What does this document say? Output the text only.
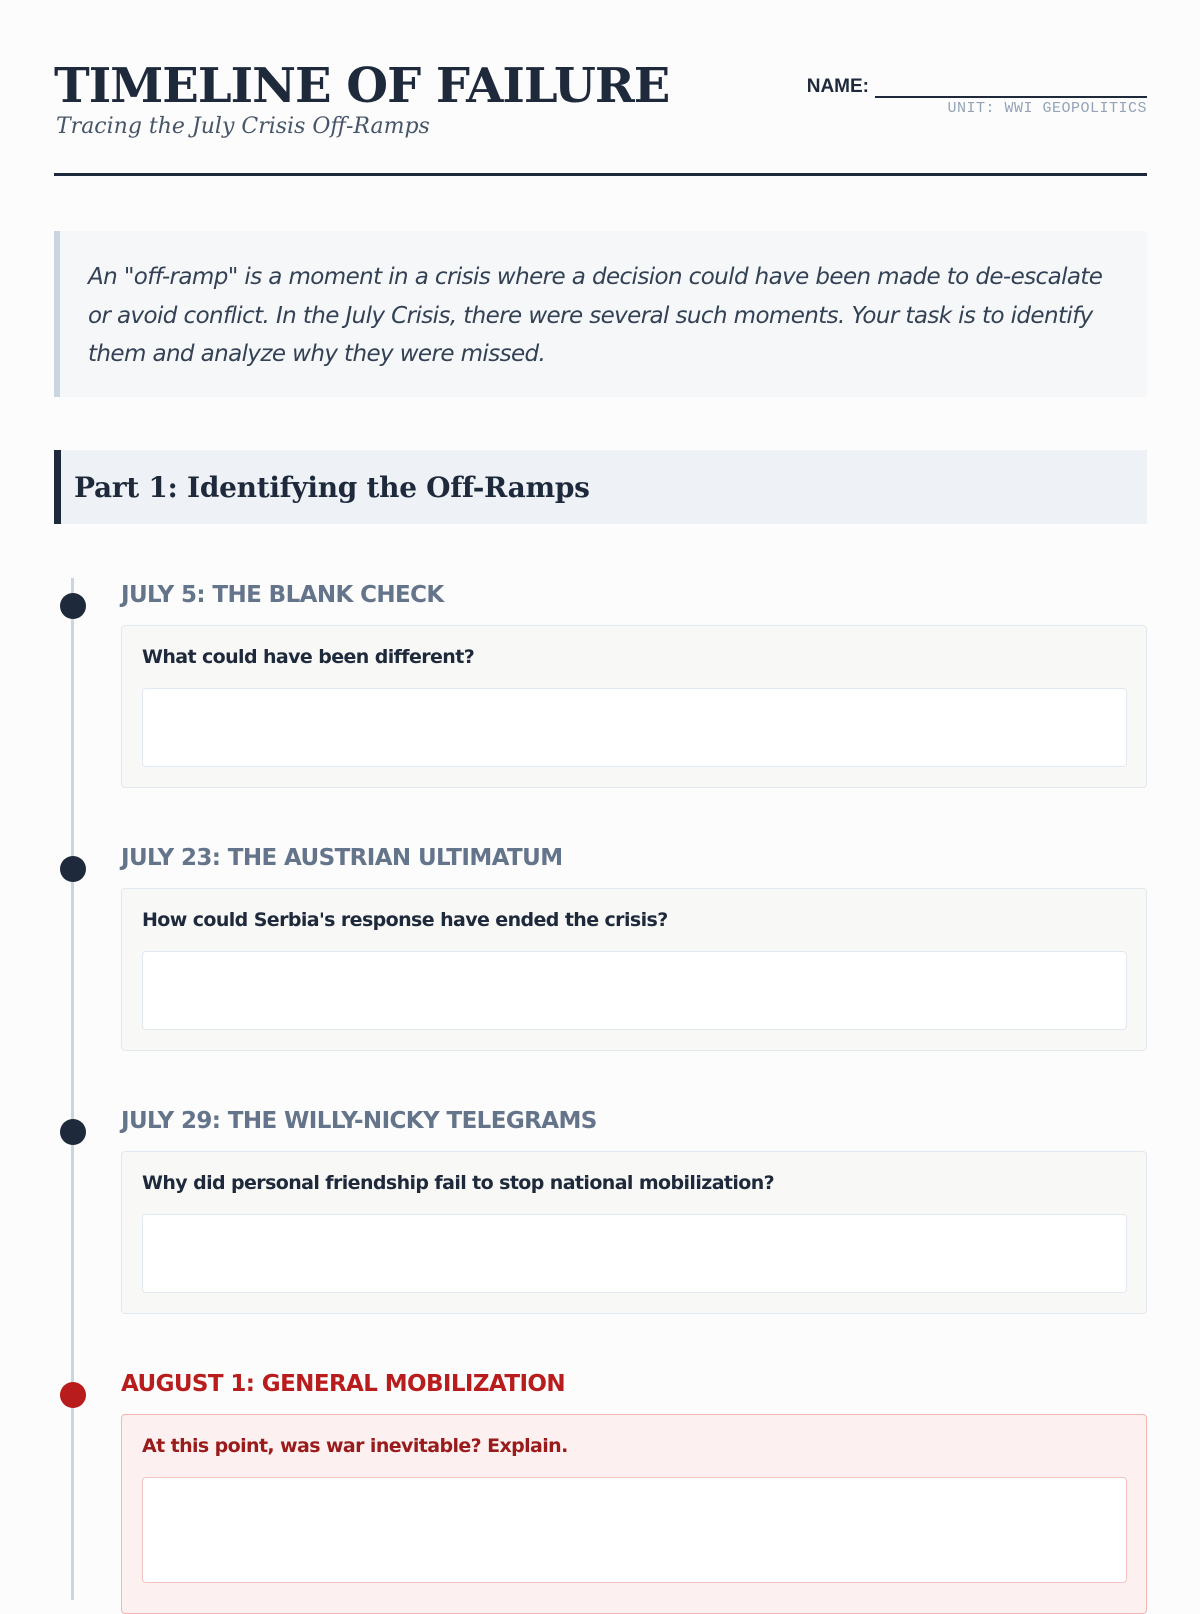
TIMELINE OF FAILURE

Tracing the July Crisis Off-Ramps

NAME:
UNIT: WWI GEOPOLITICS

An "off-ramp" is a moment in a crisis where a decision could have been made to de-escalate or avoid conflict. In the July Crisis, there were several such moments. Your task is to identify them and analyze why they were missed.

Part 1: Identifying the Off-Ramps
JULY 5: THE BLANK CHECK

What could have been different?

JULY 23: THE AUSTRIAN ULTIMATUM

How could Serbia's response have ended the crisis?

JULY 29: THE WILLY-NICKY TELEGRAMS

Why did personal friendship fail to stop national mobilization?

AUGUST 1: GENERAL MOBILIZATION

At this point, was war inevitable? Explain.
